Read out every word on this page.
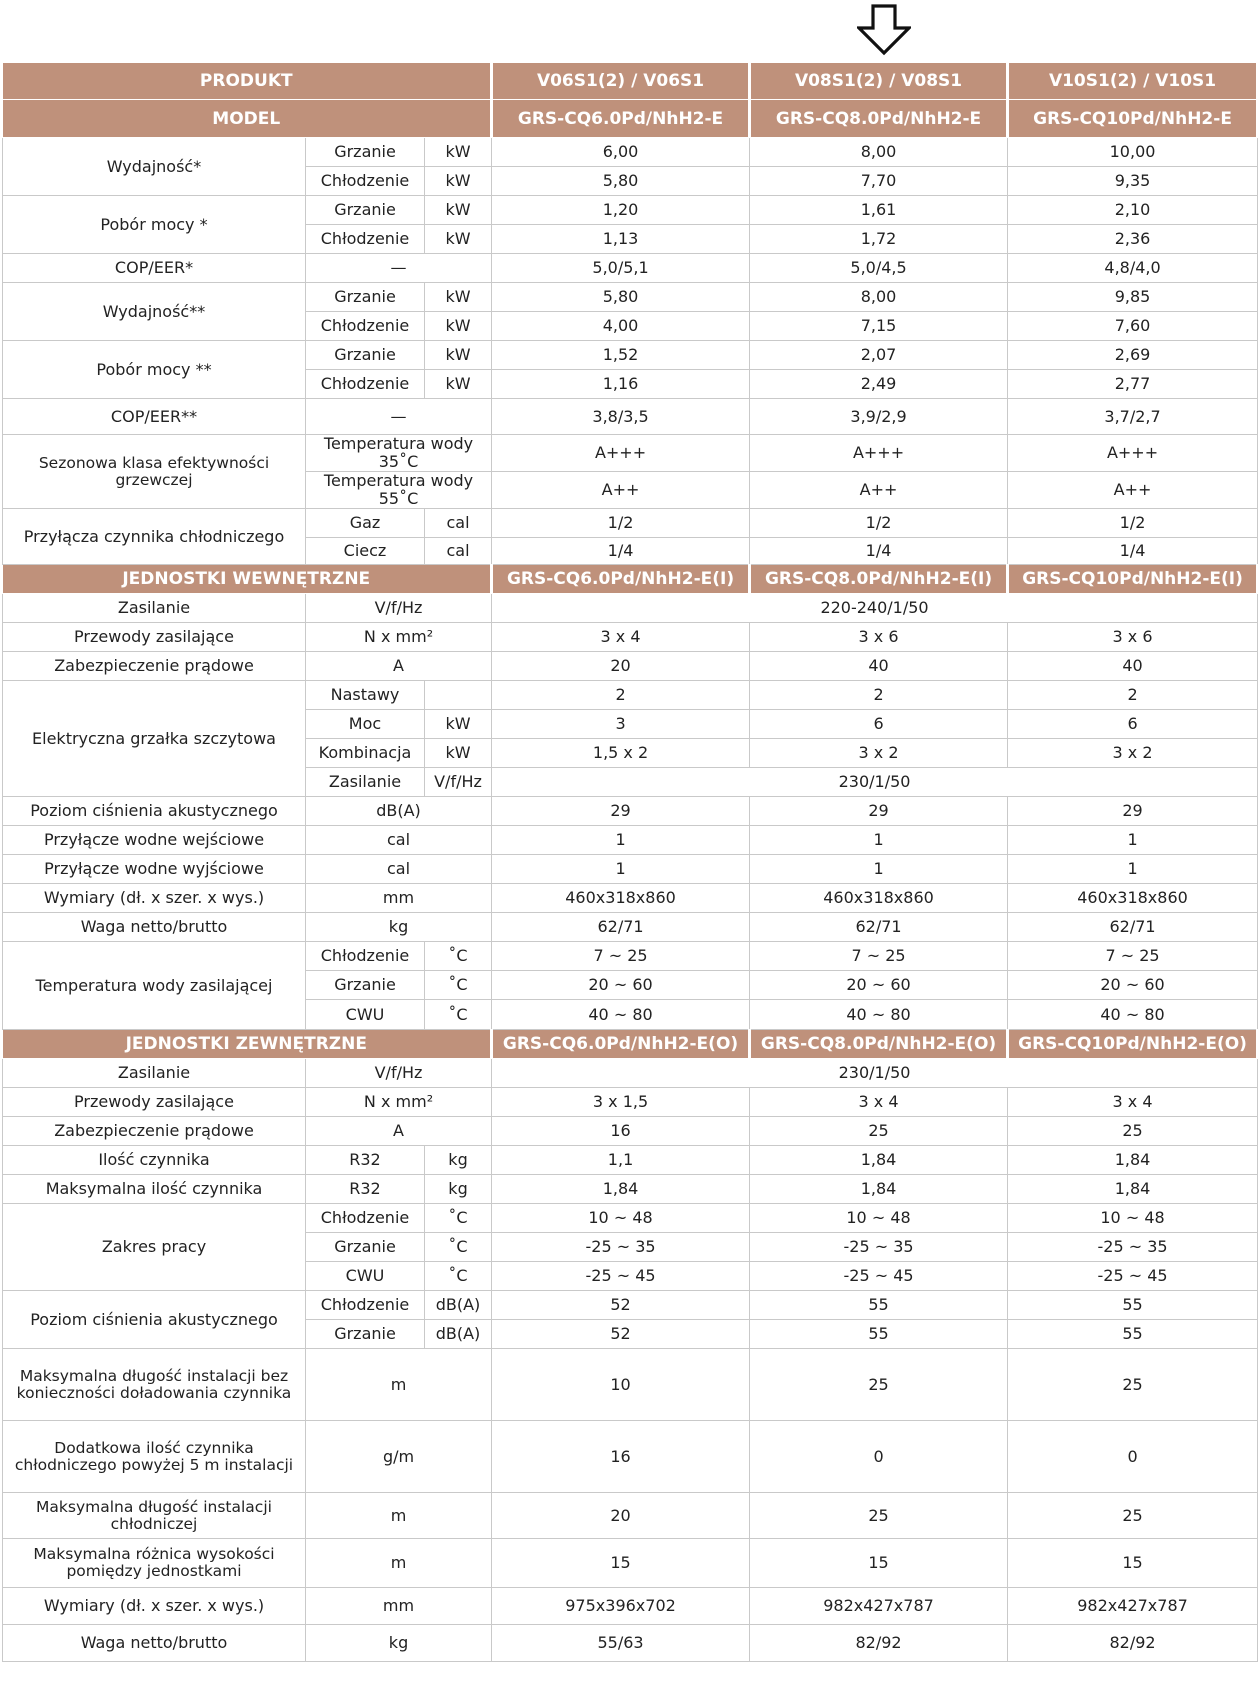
PRODUKT			V06S1(2) / V06S1	V08S1(2) / V08S1	V10S1(2) / V10S1
MODEL			GRS-CQ6.0Pd/NhH2-E	GRS-CQ8.0Pd/NhH2-E	GRS-CQ10Pd/NhH2-E
Wydajność*	Grzanie	kW	6,00	8,00	10,00
	Chłodzenie	kW	5,80	7,70	9,35
Pobór mocy *	Grzanie	kW	1,20	1,61	2,10
	Chłodzenie	kW	1,13	1,72	2,36
COP/EER*	—		5,0/5,1	5,0/4,5	4,8/4,0
Wydajność**	Grzanie	kW	5,80	8,00	9,85
	Chłodzenie	kW	4,00	7,15	7,60
Pobór mocy **	Grzanie	kW	1,52	2,07	2,69
	Chłodzenie	kW	1,16	2,49	2,77
COP/EER**	—		3,8/3,5	3,9/2,9	3,7/2,7
Sezonowa klasa efektywności grzewczej	Temperatura wody 35˚C		A+++	A+++	A+++
	Temperatura wody 55˚C		A++	A++	A++
Przyłącza czynnika chłodniczego	Gaz	cal	1/2	1/2	1/2
	Ciecz	cal	1/4	1/4	1/4
JEDNOSTKI WEWNĘTRZNE			GRS-CQ6.0Pd/NhH2-E(I)	GRS-CQ8.0Pd/NhH2-E(I)	GRS-CQ10Pd/NhH2-E(I)
Zasilanie	V/f/Hz		220-240/1/50		
Przewody zasilające	N x mm²		3 x 4	3 x 6	3 x 6
Zabezpieczenie prądowe	A		20	40	40
Elektryczna grzałka szczytowa	Nastawy		2	2	2
	Moc	kW	3	6	6
	Kombinacja	kW	1,5 x 2	3 x 2	3 x 2
	Zasilanie	V/f/Hz	230/1/50		
Poziom ciśnienia akustycznego	dB(A)		29	29	29
Przyłącze wodne wejściowe	cal		1	1	1
Przyłącze wodne wyjściowe	cal		1	1	1
Wymiary (dł. x szer. x wys.)	mm		460x318x860	460x318x860	460x318x860
Waga netto/brutto	kg		62/71	62/71	62/71
Temperatura wody zasilającej	Chłodzenie	˚C	7 ~ 25	7 ~ 25	7 ~ 25
	Grzanie	˚C	20 ~ 60	20 ~ 60	20 ~ 60
	CWU	˚C	40 ~ 80	40 ~ 80	40 ~ 80
JEDNOSTKI ZEWNĘTRZNE			GRS-CQ6.0Pd/NhH2-E(O)	GRS-CQ8.0Pd/NhH2-E(O)	GRS-CQ10Pd/NhH2-E(O)
Zasilanie	V/f/Hz		230/1/50		
Przewody zasilające	N x mm²		3 x 1,5	3 x 4	3 x 4
Zabezpieczenie prądowe	A		16	25	25
Ilość czynnika	R32	kg	1,1	1,84	1,84
Maksymalna ilość czynnika	R32	kg	1,84	1,84	1,84
Zakres pracy	Chłodzenie	˚C	10 ~ 48	10 ~ 48	10 ~ 48
	Grzanie	˚C	-25 ~ 35	-25 ~ 35	-25 ~ 35
	CWU	˚C	-25 ~ 45	-25 ~ 45	-25 ~ 45
Poziom ciśnienia akustycznego	Chłodzenie	dB(A)	52	55	55
	Grzanie	dB(A)	52	55	55
Maksymalna długość instalacji bez konieczności doładowania czynnika	m		10	25	25
Dodatkowa ilość czynnika chłodniczego powyżej 5 m instalacji	g/m		16	0	0
Maksymalna długość instalacji chłodniczej	m		20	25	25
Maksymalna różnica wysokości pomiędzy jednostkami	m		15	15	15
Wymiary (dł. x szer. x wys.)	mm		975x396x702	982x427x787	982x427x787
Waga netto/brutto	kg		55/63	82/92	82/92
